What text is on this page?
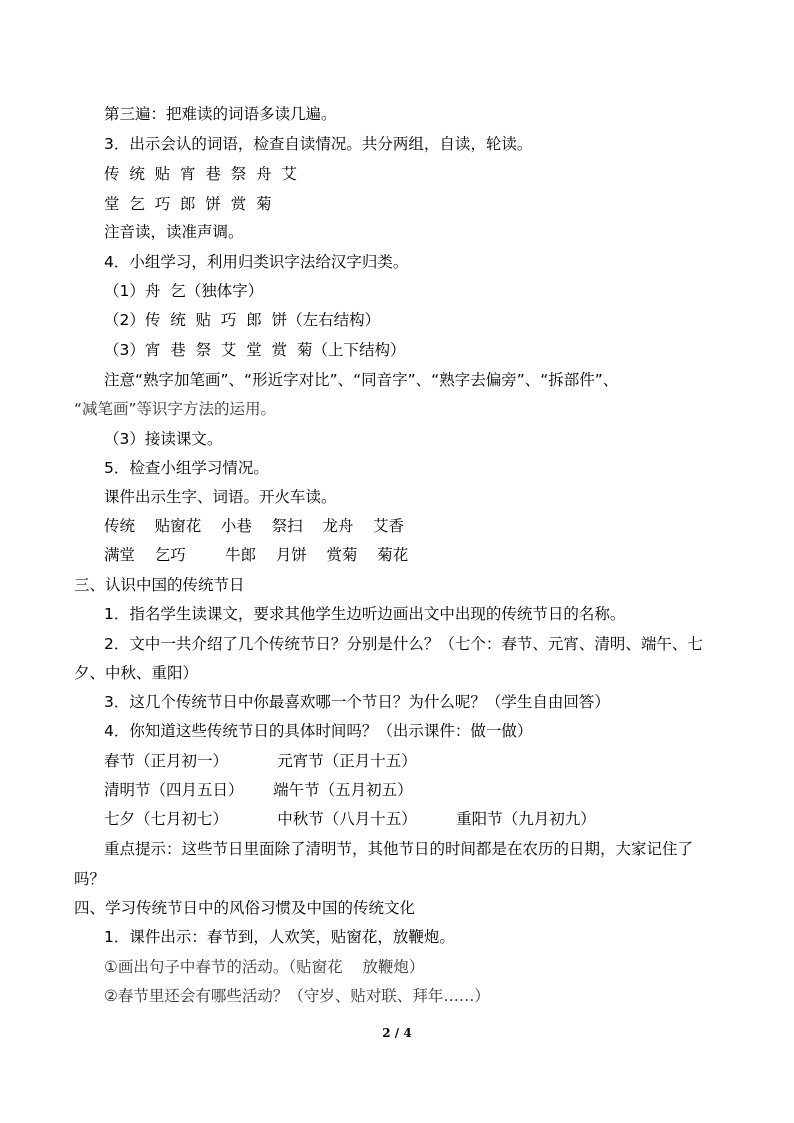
第三遍：把难读的词语多读几遍。
3．出示会认的词语，检查自读情况。共分两组，自读，轮读。
传  统  贴  宵  巷  祭  舟  艾
堂  乞  巧  郎  饼  赏  菊
注音读，读准声调。
4．小组学习，利用归类识字法给汉字归类。
（1）舟  乞（独体字）
（2）传  统  贴  巧  郎  饼（左右结构）
（3）宵  巷  祭  艾  堂  赏  菊（上下结构）
注意“熟字加笔画”、“形近字对比”、“同音字”、“熟字去偏旁”、“拆部件”、
“减笔画”等识字方法的运用。
（3）接读课文。
5．检查小组学习情况。
课件出示生字、词语。开火车读。
传统    贴窗花    小巷    祭扫    龙舟    艾香
满堂    乞巧        牛郎    月饼    赏菊    菊花
三、认识中国的传统节日
1．指名学生读课文，要求其他学生边听边画出文中出现的传统节日的名称。
2．文中一共介绍了几个传统节日？分别是什么？（七个：春节、元宵、清明、端午、七
夕、中秋、重阳）
3．这几个传统节日中你最喜欢哪一个节日？为什么呢？（学生自由回答）
4．你知道这些传统节日的具体时间吗？（出示课件：做一做）
春节（正月初一）          元宵节（正月十五）
清明节（四月五日）      端午节（五月初五）
七夕（七月初七）          中秋节（八月十五）        重阳节（九月初九）
重点提示：这些节日里面除了清明节，其他节日的时间都是在农历的日期，大家记住了
吗？
四、学习传统节日中的风俗习惯及中国的传统文化
1．课件出示：春节到，人欢笑，贴窗花，放鞭炮。
①画出句子中春节的活动。（贴窗花    放鞭炮）
②春节里还会有哪些活动？（守岁、贴对联、拜年……）
2 / 4
